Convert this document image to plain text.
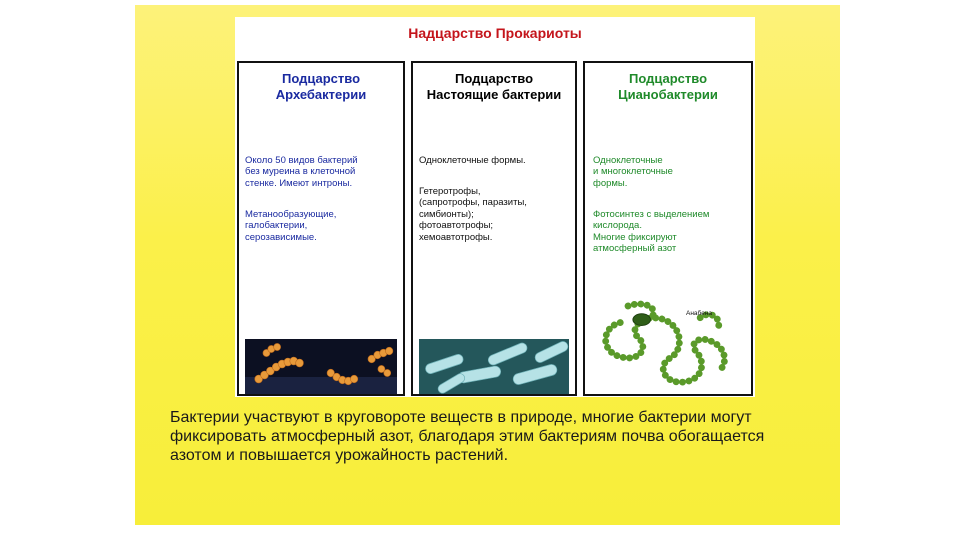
Надцарство Прокариоты
Подцарство
Архебактерии

Около 50 видов бактерий
без муреина в клеточной
стенке. Имеют интроны.

Метанообразующие,
галобактерии,
серозависимые.

Подцарство
Настоящие бактерии

Одноклеточные формы.

Гетеротрофы,
(сапротрофы, паразиты,
симбионты);
фотоавтотрофы;
хемоавтотрофы.

Подцарство
Цианобактерии

Одноклеточные
и многоклеточные
формы.

Фотосинтез с выделением
кислорода.
Многие фиксируют
атмосферный азот

Анабена
Бактерии участвуют в круговороте веществ в природе, многие бактерии могут фиксировать атмосферный азот, благодаря этим бактериям почва обогащается азотом и повышается урожайность растений.
